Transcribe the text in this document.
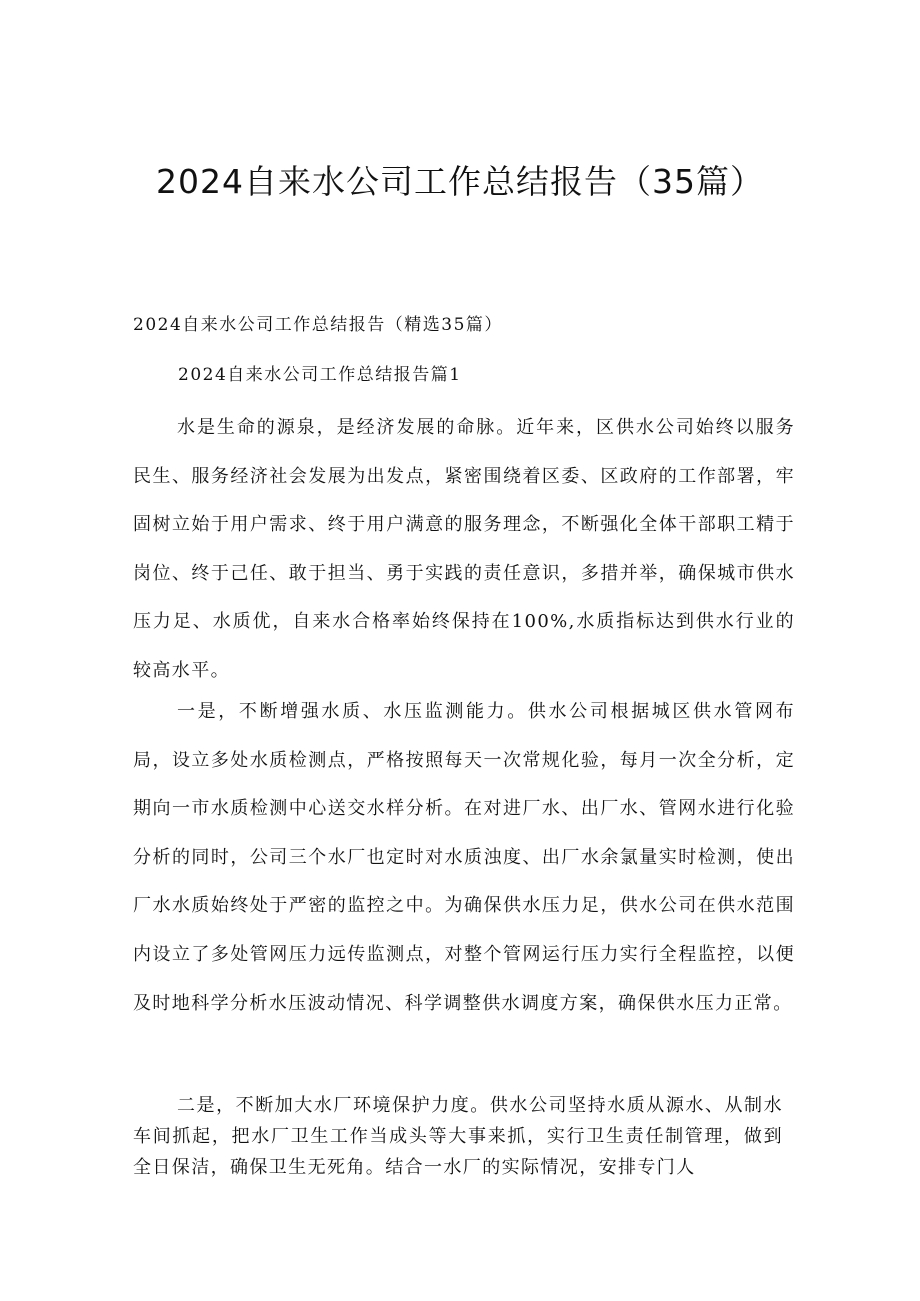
2024自来水公司工作总结报告（35篇）

2024自来水公司工作总结报告（精选35篇）

2024自来水公司工作总结报告篇1

水是生命的源泉，是经济发展的命脉。近年来，区供水公司始终以服务民生、服务经济社会发展为出发点，紧密围绕着区委、区政府的工作部署，牢固树立始于用户需求、终于用户满意的服务理念，不断强化全体干部职工精于岗位、终于己任、敢于担当、勇于实践的责任意识，多措并举，确保城市供水压力足、水质优，自来水合格率始终保持在100%,水质指标达到供水行业的较高水平。

一是，不断增强水质、水压监测能力。供水公司根据城区供水管网布局，设立多处水质检测点，严格按照每天一次常规化验，每月一次全分析，定期向一市水质检测中心送交水样分析。在对进厂水、出厂水、管网水进行化验分析的同时，公司三个水厂也定时对水质浊度、出厂水余氯量实时检测，使出厂水水质始终处于严密的监控之中。为确保供水压力足，供水公司在供水范围内设立了多处管网压力远传监测点，对整个管网运行压力实行全程监控，以便及时地科学分析水压波动情况、科学调整供水调度方案，确保供水压力正常。

二是，不断加大水厂环境保护力度。供水公司坚持水质从源水、从制水车间抓起，把水厂卫生工作当成头等大事来抓，实行卫生责任制管理，做到全日保洁，确保卫生无死角。结合一水厂的实际情况，安排专门人
